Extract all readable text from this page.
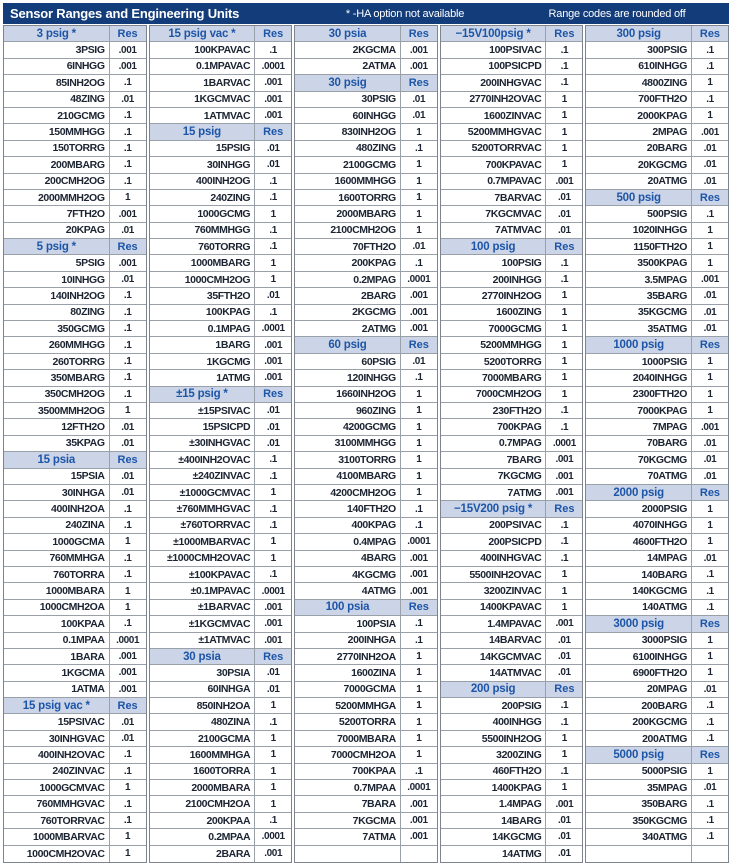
Sensor Ranges and Engineering Units	* -HA option not available	Range codes are rounded off
3 psig *	Res
3PSIG	.001
6INHGG	.001
85INH2OG	.1
48ZING	.01
210GCMG	.1
150MMHGG	.1
150TORRG	.1
200MBARG	.1
200CMH2OG	.1
2000MMH2OG	1
7FTH2O	.001
20KPAG	.01
5 psig *	Res
5PSIG	.001
10INHGG	.01
140INH2OG	.1
80ZING	.1
350GCMG	.1
260MMHGG	.1
260TORRG	.1
350MBARG	.1
350CMH2OG	.1
3500MMH2OG	1
12FTH2O	.01
35KPAG	.01
15 psia	Res
15PSIA	.01
30INHGA	.01
400INH2OA	.1
240ZINA	.1
1000GCMA	1
760MMHGA	.1
760TORRA	.1
1000MBARA	1
1000CMH2OA	1
100KPAA	.1
0.1MPAA	.0001
1BARA	.001
1KGCMA	.001
1ATMA	.001
15 psig vac *	Res
15PSIVAC	.01
30INHGVAC	.01
400INH2OVAC	.1
240ZINVAC	.1
1000GCMVAC	1
760MMHGVAC	.1
760TORRVAC	.1
1000MBARVAC	1
1000CMH2OVAC	1
15 psig vac *	Res
100KPAVAC	.1
0.1MPAVAC	.0001
1BARVAC	.001
1KGCMVAC	.001
1ATMVAC	.001
15 psig	Res
15PSIG	.01
30INHGG	.01
400INH2OG	.1
240ZING	.1
1000GCMG	1
760MMHGG	.1
760TORRG	.1
1000MBARG	1
1000CMH2OG	1
35FTH2O	.01
100KPAG	.1
0.1MPAG	.0001
1BARG	.001
1KGCMG	.001
1ATMG	.001
±15 psig *	Res
±15PSIVAC	.01
15PSICPD	.01
±30INHGVAC	.01
±400INH2OVAC	.1
±240ZINVAC	.1
±1000GCMVAC	1
±760MMHGVAC	.1
±760TORRVAC	.1
±1000MBARVAC	1
±1000CMH2OVAC	1
±100KPAVAC	.1
±0.1MPAVAC	.0001
±1BARVAC	.001
±1KGCMVAC	.001
±1ATMVAC	.001
30 psia	Res
30PSIA	.01
60INHGA	.01
850INH2OA	1
480ZINA	.1
2100GCMA	1
1600MMHGA	1
1600TORRA	1
2000MBARA	1
2100CMH2OA	1
200KPAA	.1
0.2MPAA	.0001
2BARA	.001
30 psia	Res
2KGCMA	.001
2ATMA	.001
30 psig	Res
30PSIG	.01
60INHGG	.01
830INH2OG	1
480ZING	.1
2100GCMG	1
1600MMHGG	1
1600TORRG	1
2000MBARG	1
2100CMH2OG	1
70FTH2O	.01
200KPAG	.1
0.2MPAG	.0001
2BARG	.001
2KGCMG	.001
2ATMG	.001
60 psig	Res
60PSIG	.01
120INHGG	.1
1660INH2OG	1
960ZING	1
4200GCMG	1
3100MMHGG	1
3100TORRG	1
4100MBARG	1
4200CMH2OG	1
140FTH2O	.1
400KPAG	.1
0.4MPAG	.0001
4BARG	.001
4KGCMG	.001
4ATMG	.001
100 psia	Res
100PSIA	.1
200INHGA	.1
2770INH2OA	1
1600ZINA	1
7000GCMA	1
5200MMHGA	1
5200TORRA	1
7000MBARA	1
7000CMH2OA	1
700KPAA	.1
0.7MPAA	.0001
7BARA	.001
7KGCMA	.001
7ATMA	.001
−15V100psig *	Res
100PSIVAC	.1
100PSICPD	.1
200INHGVAC	.1
2770INH2OVAC	1
1600ZINVAC	1
5200MMHGVAC	1
5200TORRVAC	1
700KPAVAC	1
0.7MPAVAC	.001
7BARVAC	.01
7KGCMVAC	.01
7ATMVAC	.01
100 psig	Res
100PSIG	.1
200INHGG	.1
2770INH2OG	1
1600ZING	1
7000GCMG	1
5200MMHGG	1
5200TORRG	1
7000MBARG	1
7000CMH2OG	1
230FTH2O	.1
700KPAG	.1
0.7MPAG	.0001
7BARG	.001
7KGCMG	.001
7ATMG	.001
−15V200 psig *	Res
200PSIVAC	.1
200PSICPD	.1
400INHGVAC	.1
5500INH2OVAC	1
3200ZINVAC	1
1400KPAVAC	1
1.4MPAVAC	.001
14BARVAC	.01
14KGCMVAC	.01
14ATMVAC	.01
200 psig	Res
200PSIG	.1
400INHGG	.1
5500INH2OG	1
3200ZING	1
460FTH2O	.1
1400KPAG	1
1.4MPAG	.001
14BARG	.01
14KGCMG	.01
14ATMG	.01
300 psig	Res
300PSIG	.1
610INHGG	.1
4800ZING	1
700FTH2O	.1
2000KPAG	1
2MPAG	.001
20BARG	.01
20KGCMG	.01
20ATMG	.01
500 psig	Res
500PSIG	.1
1020INHGG	1
1150FTH2O	1
3500KPAG	1
3.5MPAG	.001
35BARG	.01
35KGCMG	.01
35ATMG	.01
1000 psig	Res
1000PSIG	1
2040INHGG	1
2300FTH2O	1
7000KPAG	1
7MPAG	.001
70BARG	.01
70KGCMG	.01
70ATMG	.01
2000 psig	Res
2000PSIG	1
4070INHGG	1
4600FTH2O	1
14MPAG	.01
140BARG	.1
140KGCMG	.1
140ATMG	.1
3000 psig	Res
3000PSIG	1
6100INHGG	1
6900FTH2O	1
20MPAG	.01
200BARG	.1
200KGCMG	.1
200ATMG	.1
5000 psig	Res
5000PSIG	1
35MPAG	.01
350BARG	.1
350KGCMG	.1
340ATMG	.1
